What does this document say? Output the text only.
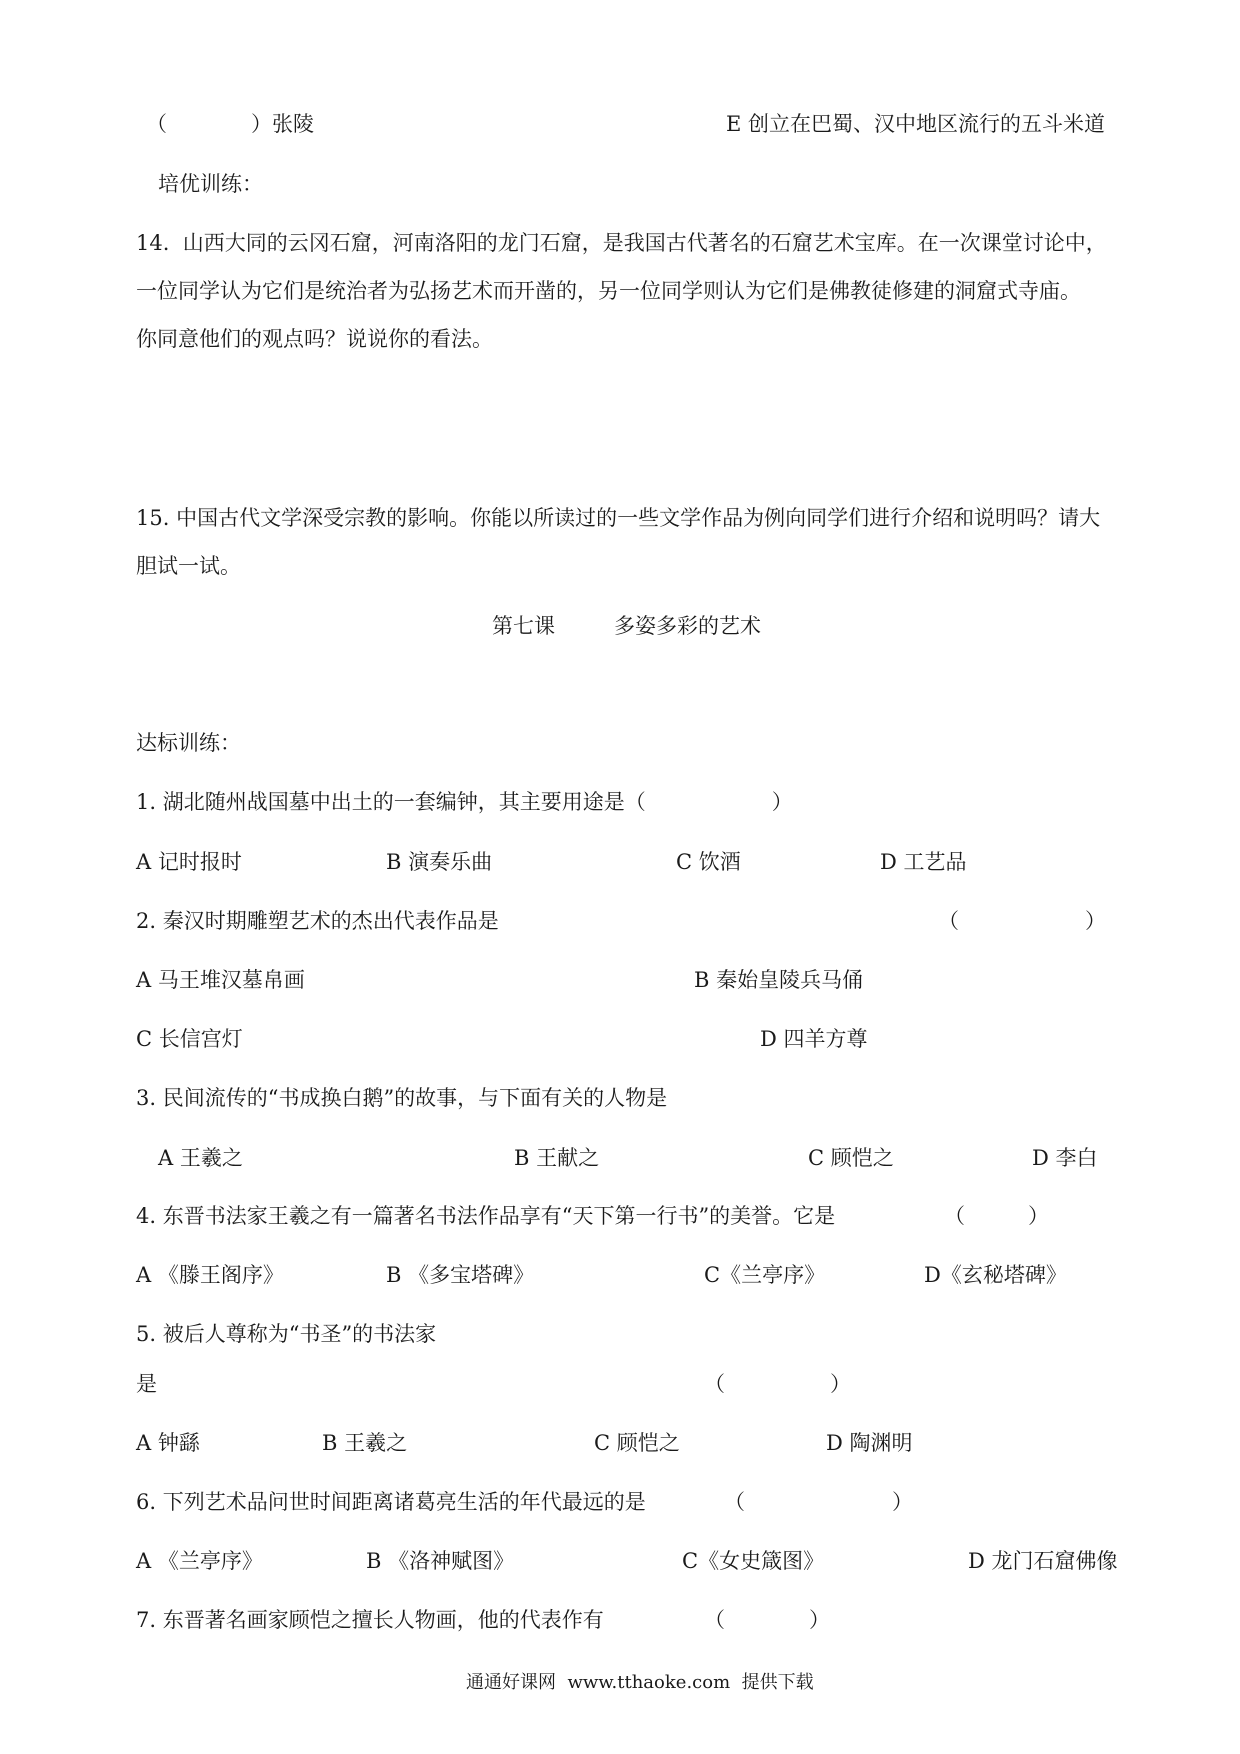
（　　　　）张陵	E 创立在巴蜀、汉中地区流行的五斗米道
培优训练：
14.  山西大同的云冈石窟，河南洛阳的龙门石窟，是我国古代著名的石窟艺术宝库。在一次课堂讨论中，
一位同学认为它们是统治者为弘扬艺术而开凿的，另一位同学则认为它们是佛教徒修建的洞窟式寺庙。
你同意他们的观点吗？说说你的看法。
15. 中国古代文学深受宗教的影响。你能以所读过的一些文学作品为例向同学们进行介绍和说明吗？请大
胆试一试。
第七课	多姿多彩的艺术
达标训练：
1. 湖北随州战国墓中出土的一套编钟，其主要用途是（　　　　　　）
A 记时报时	B 演奏乐曲	C 饮酒	D 工艺品
2. 秦汉时期雕塑艺术的杰出代表作品是	（　　　　　　）
A 马王堆汉墓帛画	B 秦始皇陵兵马俑
C 长信宫灯	D 四羊方尊
3. 民间流传的“书成换白鹅”的故事，与下面有关的人物是
A 王羲之	B 王献之	C 顾恺之	D 李白
4. 东晋书法家王羲之有一篇著名书法作品享有“天下第一行书”的美誉。它是	（　　　）
A 《滕王阁序》	B 《多宝塔碑》	C《兰亭序》	D《玄秘塔碑》
5. 被后人尊称为“书圣”的书法家
是	（　　　　　）
A 钟繇	B 王羲之	C 顾恺之	D 陶渊明
6. 下列艺术品问世时间距离诸葛亮生活的年代最远的是	（　　　　　　　）
A 《兰亭序》	B 《洛神赋图》	C《女史箴图》	D 龙门石窟佛像
7. 东晋著名画家顾恺之擅长人物画，他的代表作有	（　　　　）
通通好课网  www.tthaoke.com  提供下载
